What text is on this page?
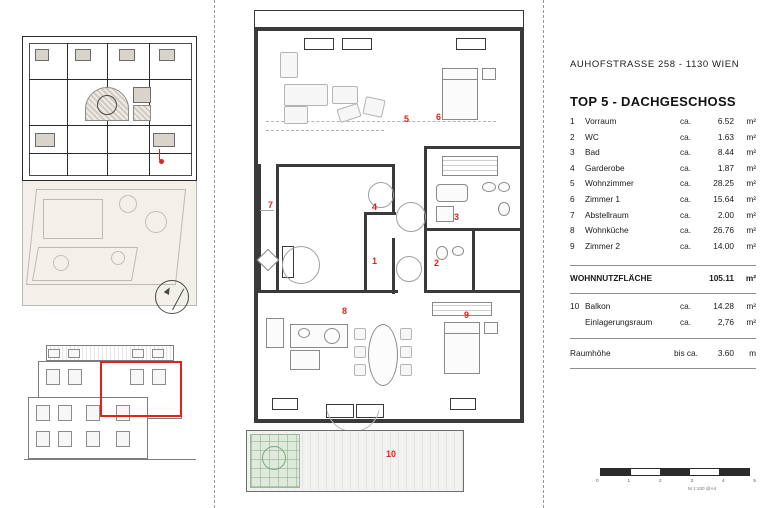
1	2
3
4
5	6
7
8	9
10
AUHOFSTRASSE 258 - 1130 WIEN
TOP 5 - DACHGESCHOSS
1	Vorraum	ca.	6.52	m²
2	WC	ca.	1.63	m²
3	Bad	ca.	8.44	m²
4	Garderobe	ca.	1.87	m²
5	Wohnzimmer	ca.	28.25	m²
6	Zimmer 1	ca.	15.64	m²
7	Abstellraum	ca.	2.00	m²
8	Wohnküche	ca.	26.76	m²
9	Zimmer 2	ca.	14.00	m²
WOHNNUTZFLÄCHE	105.11	m²
10 Balkon	ca.	14.28	m²
Einlagerungsraum	ca.	2,76	m²
Raumhöhe	bis ca.	3.60	m
0	1	2	3	4	5
M 1:100 @A4
